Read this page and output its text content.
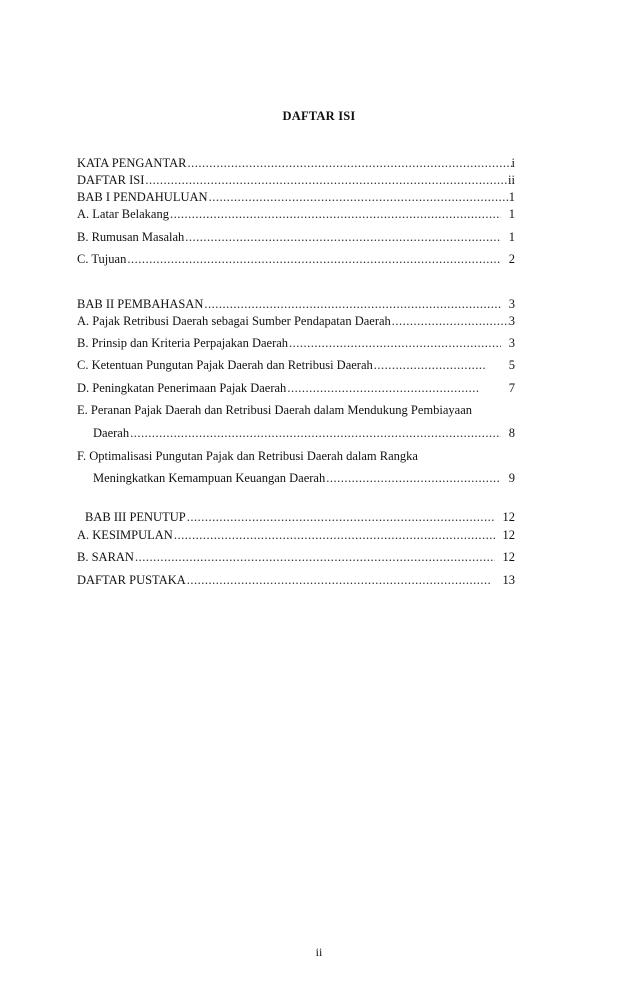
DAFTAR ISI
KATA PENGANTAR .....	i
DAFTAR ISI .....	ii
BAB I PENDAHULUAN .....	1
A. Latar Belakang .....	1
B. Rumusan Masalah .....	1
C. Tujuan .....	2
BAB II PEMBAHASAN .....	3
A. Pajak Retribusi Daerah sebagai Sumber Pendapatan Daerah .....	3
B. Prinsip dan Kriteria Perpajakan Daerah .....	3
C. Ketentuan Pungutan Pajak Daerah dan Retribusi Daerah .....	5
D. Peningkatan Penerimaan Pajak Daerah .....	7
E. Peranan Pajak Daerah dan Retribusi Daerah dalam Mendukung Pembiayaan
Daerah .....	8
F. Optimalisasi Pungutan Pajak dan Retribusi Daerah dalam Rangka
Meningkatkan Kemampuan Keuangan Daerah .....	9
BAB III PENUTUP .....	12
A. KESIMPULAN .....	12
B. SARAN .....	12
DAFTAR PUSTAKA .....	13
ii
